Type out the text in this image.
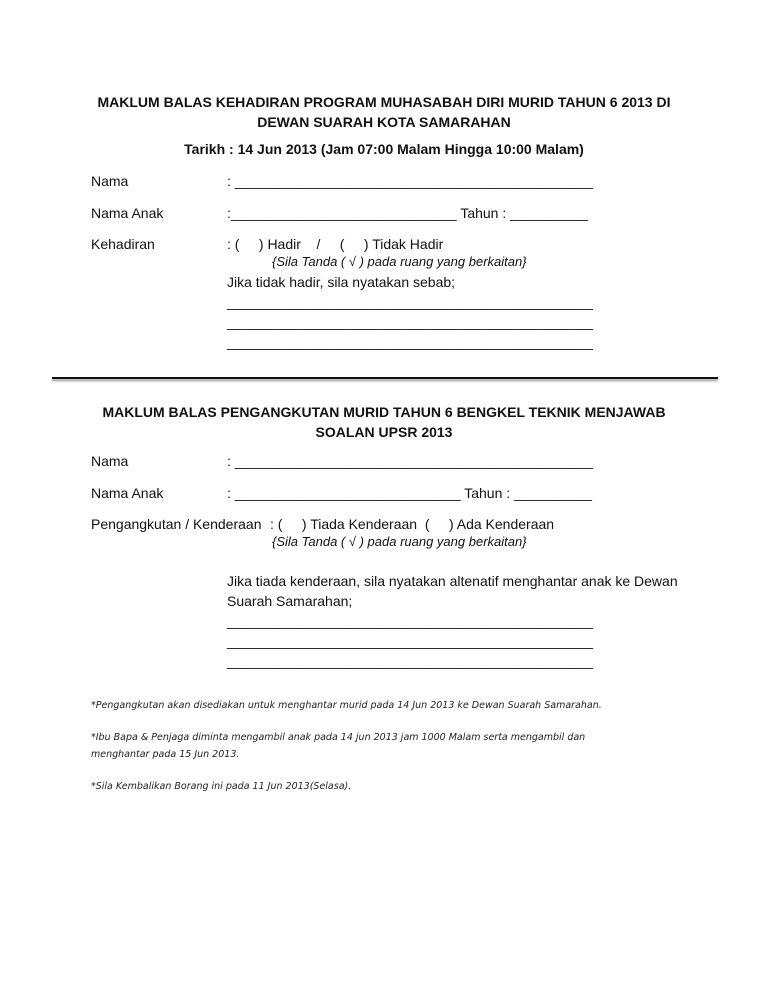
MAKLUM BALAS KEHADIRAN PROGRAM MUHASABAH DIRI MURID TAHUN 6 2013 DI
DEWAN SUARAH KOTA SAMARAHAN
Tarikh : 14 Jun 2013 (Jam 07:00 Malam Hingga 10:00 Malam)
Nama	: ______________________________________________
Nama Anak	:_____________________________ Tahun : __________
Kehadiran	: (     ) Hadir    /     (     ) Tidak Hadir
{Sila Tanda ( √ ) pada ruang yang berkaitan}
Jika tidak hadir, sila nyatakan sebab;
_______________________________________________
_______________________________________________
_______________________________________________
MAKLUM BALAS PENGANGKUTAN MURID TAHUN 6 BENGKEL TEKNIK MENJAWAB
SOALAN UPSR 2013
Nama	: ______________________________________________
Nama Anak	: _____________________________ Tahun : __________
Pengangkutan / Kenderaan : (     ) Tiada Kenderaan  (     ) Ada Kenderaan
{Sila Tanda ( √ ) pada ruang yang berkaitan}
Jika tiada kenderaan, sila nyatakan altenatif menghantar anak ke Dewan
Suarah Samarahan;
_______________________________________________
_______________________________________________
_______________________________________________
*Pengangkutan akan disediakan untuk menghantar murid pada 14 Jun 2013 ke Dewan Suarah Samarahan.
*Ibu Bapa & Penjaga diminta mengambil anak pada 14 jun 2013 jam 1000 Malam serta mengambil dan
menghantar pada 15 Jun 2013.
*Sila Kembalikan Borang ini pada 11 Jun 2013(Selasa).
